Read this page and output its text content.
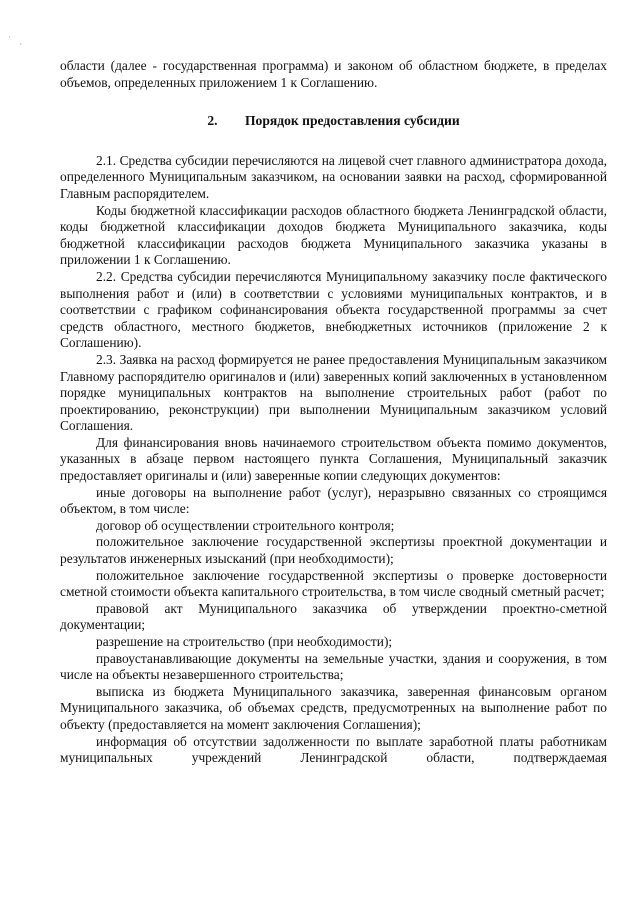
˙ ˏ

области (далее - государственная программа) и законом об областном бюджете, в пределах объемов, определенных приложением 1 к Соглашению.

2. Порядок предоставления субсидии

2.1. Средства субсидии перечисляются на лицевой счет главного администратора дохода, определенного Муниципальным заказчиком, на основании заявки на расход, сформированной Главным распорядителем.

Коды бюджетной классификации расходов областного бюджета Ленинградской области, коды бюджетной классификации доходов бюджета Муниципального заказчика, коды бюджетной классификации расходов бюджета Муниципального заказчика указаны в приложении 1 к Соглашению.

2.2. Средства субсидии перечисляются Муниципальному заказчику после фактического выполнения работ и (или) в соответствии с условиями муниципальных контрактов, и в соответствии с графиком софинансирования объекта государственной программы за счет средств областного, местного бюджетов, внебюджетных источников (приложение 2 к Соглашению).

2.3. Заявка на расход формируется не ранее предоставления Муниципальным заказчиком Главному распорядителю оригиналов и (или) заверенных копий заключенных в установленном порядке муниципальных контрактов на выполнение строительных работ (работ по проектированию, реконструкции) при выполнении Муниципальным заказчиком условий Соглашения.

Для финансирования вновь начинаемого строительством объекта помимо документов, указанных в абзаце первом настоящего пункта Соглашения, Муниципальный заказчик предоставляет оригиналы и (или) заверенные копии следующих документов:

иные договоры на выполнение работ (услуг), неразрывно связанных со строящимся объектом, в том числе:

договор об осуществлении строительного контроля;

положительное заключение государственной экспертизы проектной документации и результатов инженерных изысканий (при необходимости);

положительное заключение государственной экспертизы о проверке достоверности сметной стоимости объекта капитального строительства, в том числе сводный сметный расчет;

правовой акт Муниципального заказчика об утверждении проектно-сметной документации;

разрешение на строительство (при необходимости);

правоустанавливающие документы на земельные участки, здания и сооружения, в том числе на объекты незавершенного строительства;

выписка из бюджета Муниципального заказчика, заверенная финансовым органом Муниципального заказчика, об объемах средств, предусмотренных на выполнение работ по объекту (предоставляется на момент заключения Соглашения);

информация об отсутствии задолженности по выплате заработной платы работникам муниципальных учреждений Ленинградской области, подтверждаемая
